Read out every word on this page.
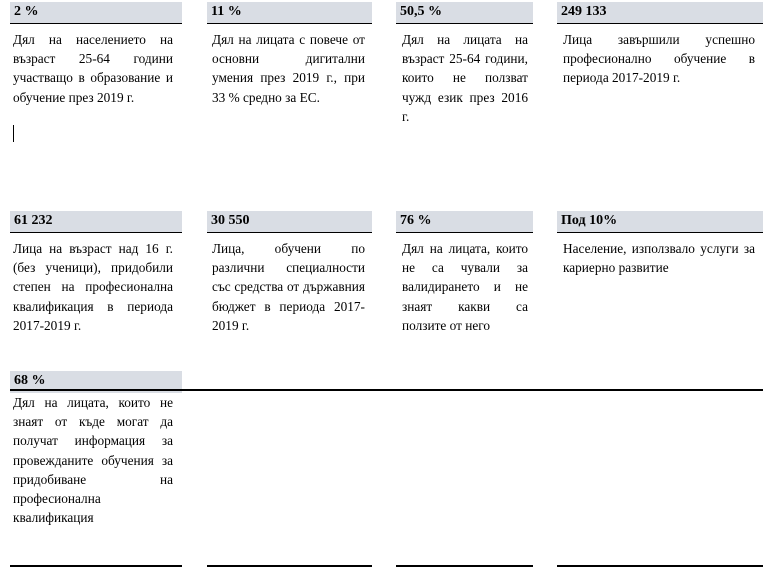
2 %
Дял на населението на възраст 25-64 години участващо в образование и обучение през 2019 г.
11 %
Дял на лицата с повече от основни дигитални умения през 2019 г., при 33 % средно за ЕС.
50,5 %
Дял на лицата на възраст 25-64 години, които не ползват чужд език през 2016 г.
249 133
Лица завършили успешно професионално обучение в периода 2017-2019 г.
61 232
Лица на възраст над 16 г. (без ученици), придобили степен на професионална квалификация в периода 2017-2019 г.
30 550
Лица, обучени по различни специалности със средства от държавния бюджет в периода 2017-2019 г.
76 %
Дял на лицата, които не са чували за валидирането и не знаят какви са ползите от него
Под 10%
Население, използвало услуги за кариерно развитие
68 %
Дял на лицата, които не знаят от къде могат да получат информация за провежданите обучения за придобиване на професионална квалификация
